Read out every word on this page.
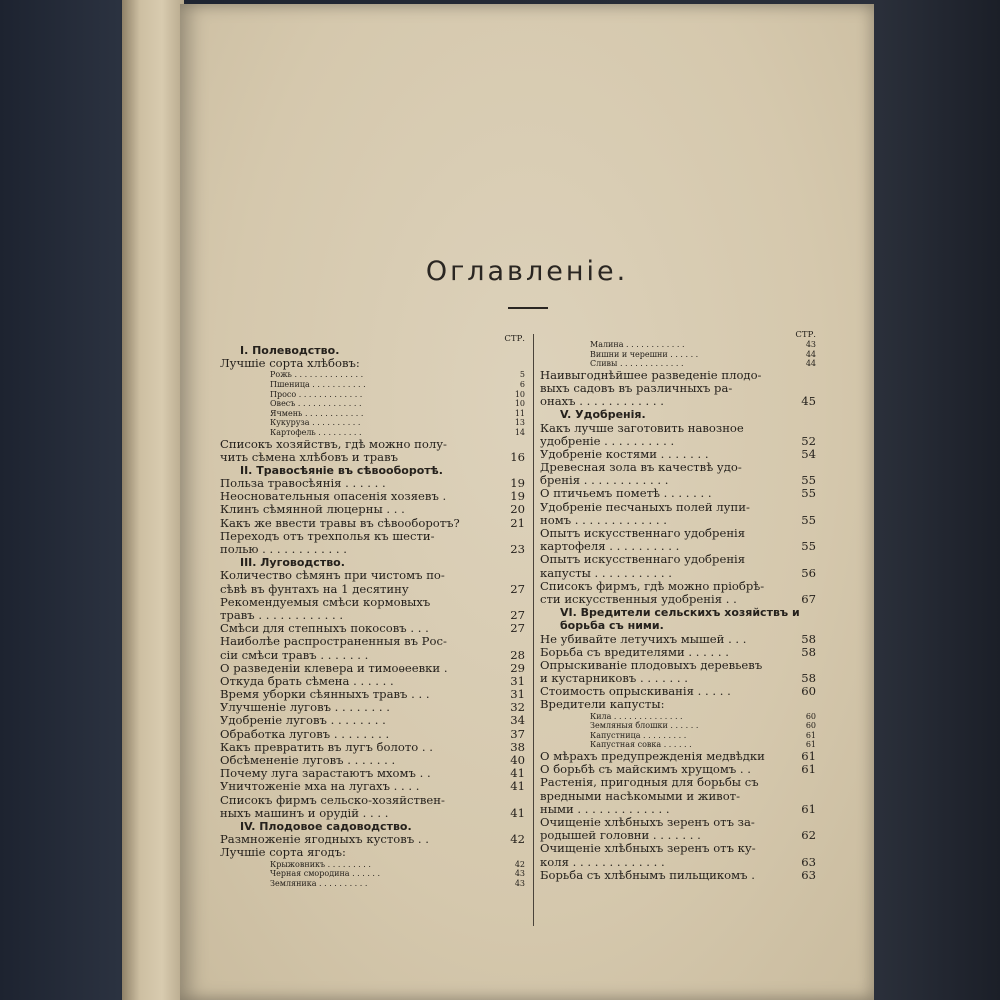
Оглавленiе.
СТР.
I. Полеводство.
Лучшiе сорта хлѣбовъ:
Рожь . . . . . . . . . . . . . .	5
Пшеница . . . . . . . . . . .	6
Просо . . . . . . . . . . . . .	10
Овесъ . . . . . . . . . . . . .	10
Ячмень . . . . . . . . . . . .	11
Кукуруза . . . . . . . . . .	13
Картофель . . . . . . . . .	14
Списокъ хозяйствъ, гдѣ можно полу-
чить сѣмена хлѣбовъ и травъ	16
II. Травосѣянiе въ сѣвооборотѣ.
Польза травосѣянiя . . . . . .	19
Неосновательныя опасенiя хозяевъ .	19
Клинъ сѣмянной люцерны . . .	20
Какъ же ввести травы въ сѣвооборотъ?	21
Переходъ отъ трехполья къ шести-
полью . . . . . . . . . . . .	23
III. Луговодство.
Количество сѣмянъ при чистомъ по-
сѣвѣ въ фунтахъ на 1 десятину	27
Рекомендуемыя смѣси кормовыхъ
травъ . . . . . . . . . . . .	27
Смѣси для степныхъ покосовъ . . .	27
Наиболѣе распространенныя въ Рос-
сiи смѣси травъ . . . . . . .	28
О разведенiи клевера и тимоѳеевки .	29
Откуда брать сѣмена . . . . . .	31
Время уборки сѣянныхъ травъ . . .	31
Улучшенiе луговъ . . . . . . . .	32
Удобренiе луговъ . . . . . . . .	34
Обработка луговъ . . . . . . . .	37
Какъ превратить въ лугъ болото . .	38
Обсѣмененiе луговъ . . . . . . .	40
Почему луга зарастаютъ мхомъ . .	41
Уничтоженiе мха на лугахъ . . . .	41
Списокъ фирмъ сельско-хозяйствен-
ныхъ машинъ и орудiй . . . .	41
IV. Плодовое садоводство.
Размноженiе ягодныхъ кустовъ . .	42
Лучшiе сорта ягодъ:
Крыжовникъ . . . . . . . . .	42
Черная смородина . . . . . .	43
Земляника . . . . . . . . . .	43
СТР.
Малина . . . . . . . . . . . .	43
Вишни и черешни . . . . . .	44
Сливы . . . . . . . . . . . . .	44
Наивыгоднѣйшее разведенiе плодо-
выхъ садовъ въ различныхъ ра-
онахъ . . . . . . . . . . . .	45
V. Удобренiя.
Какъ лучше заготовить навозное
удобренiе . . . . . . . . . .	52
Удобренiе костями . . . . . . .	54
Древесная зола въ качествѣ удо-
бренiя . . . . . . . . . . . .	55
О птичьемъ пометѣ . . . . . . .	55
Удобренiе песчаныхъ полей лупи-
номъ . . . . . . . . . . . . .	55
Опытъ искусственнаго удобренiя
картофеля . . . . . . . . . .	55
Опытъ искусственнаго удобренiя
капусты . . . . . . . . . . .	56
Списокъ фирмъ, гдѣ можно прiобрѣ-
сти искусственныя удобренiя . .	67
VI. Вредители сельскихъ хозяйствъ и
борьба съ ними.
Не убивайте летучихъ мышей . . .	58
Борьба съ вредителями . . . . . .	58
Опрыскиванiе плодовыхъ деревьевъ
и кустарниковъ . . . . . . .	58
Стоимость опрыскиванiя . . . . .	60
Вредители капусты:
Кила . . . . . . . . . . . . . .	60
Земляныя блошки . . . . . .	60
Капустница . . . . . . . . .	61
Капустная совка . . . . . .	61
О мѣрахъ предупрежденiя медвѣдки	61
О борьбѣ съ майскимъ хрущомъ . .	61
Растенiя, пригодныя для борьбы съ
вредными насѣкомыми и живот-
ными . . . . . . . . . . . . .	61
Очищенiе хлѣбныхъ зеренъ отъ за-
родышей головни . . . . . . .	62
Очищенiе хлѣбныхъ зеренъ отъ ку-
коля . . . . . . . . . . . . .	63
Борьба съ хлѣбнымъ пильщикомъ .	63
